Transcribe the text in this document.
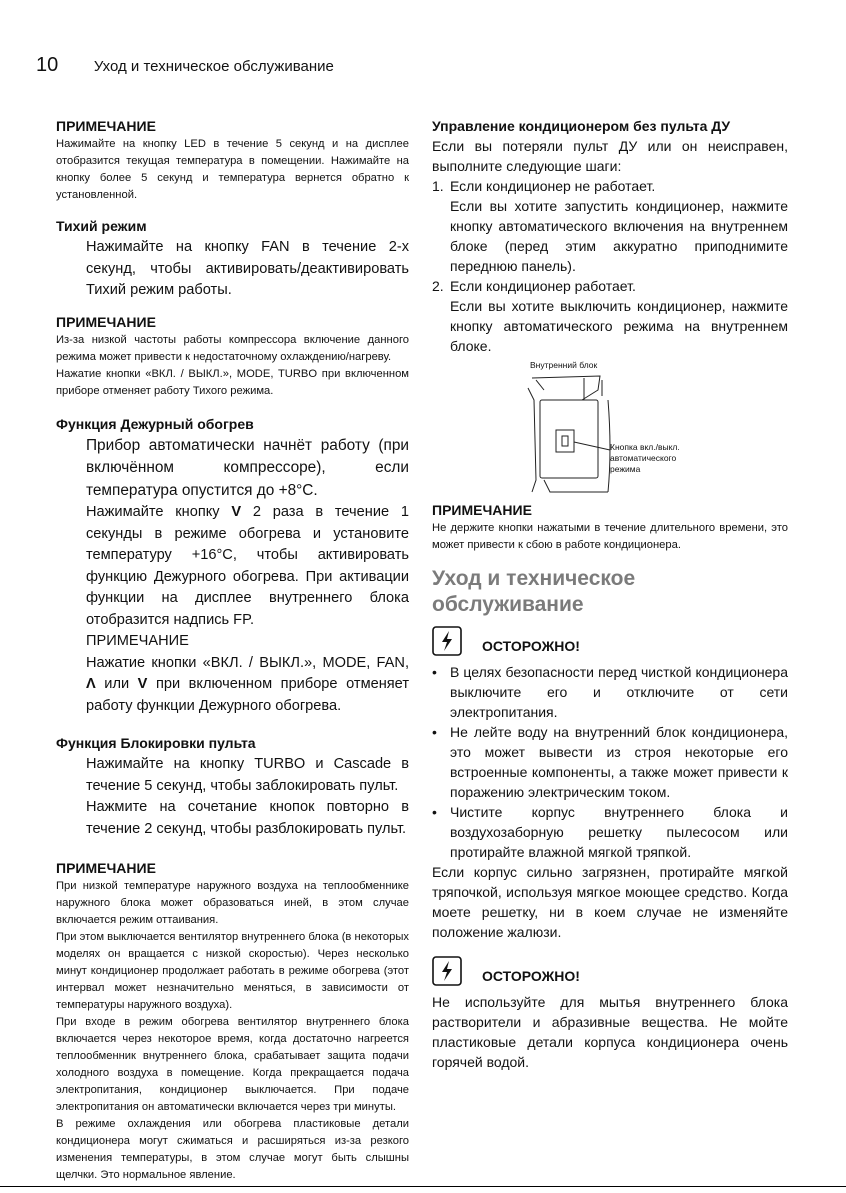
10 Уход и техническое обслуживание
ПРИМЕЧАНИЕ

Нажимайте на кнопку LED в течение 5 секунд и на дисплее отобразится текущая температура в помещении. Нажимайте на кнопку более 5 секунд и температура вернется обратно к установленной.

Тихий режим

Нажимайте на кнопку FAN в течение 2-х секунд, чтобы активировать/деактивировать Тихий режим работы.

ПРИМЕЧАНИЕ

Из-за низкой частоты работы компрессора включение данного режима может привести к недостаточному охлаждению/нагреву.

Нажатие кнопки «ВКЛ. / ВЫКЛ.», MODE, TURBO при включенном приборе отменяет работу Тихого режима.

Функция Дежурный обогрев

Прибор автоматически начнёт работу (при включённом компрессоре), если температура опустится до +8°С.

Нажимайте кнопку V 2 раза в течение 1 секунды в режиме обогрева и установите температуру +16°С, чтобы активировать функцию Дежурного обогрева. При активации функции на дисплее внутреннего блока отобразится надпись FP.

ПРИМЕЧАНИЕ

Нажатие кнопки «ВКЛ. / ВЫКЛ.», MODE, FAN, Λ или V при включенном приборе отменяет работу функции Дежурного обогрева.

Функция Блокировки пульта

Нажимайте на кнопку TURBO и Cascade в течение 5 секунд, чтобы заблокировать пульт.

Нажмите на сочетание кнопок повторно в течение 2 секунд, чтобы разблокировать пульт.

ПРИМЕЧАНИЕ

При низкой температуре наружного воздуха на теплообменнике наружного блока может образоваться иней, в этом случае включается режим оттаивания.

При этом выключается вентилятор внутреннего блока (в некоторых моделях он вращается с низкой скоростью). Через несколько минут кондиционер продолжает работать в режиме обогрева (этот интервал может незначительно меняться, в зависимости от температуры наружного воздуха).

При входе в режим обогрева вентилятор внутреннего блока включается через некоторое время, когда достаточно нагреется теплообменник внутреннего блока, срабатывает защита подачи холодного воздуха в помещение. Когда прекращается подача электропитания, кондиционер выключается. При подаче электропитания он автоматически включается через три минуты.

В режиме охлаждения или обогрева пластиковые детали кондиционера могут сжиматься и расширяться из-за резкого изменения температуры, в этом случае могут быть слышны щелчки. Это нормальное явление.

Управление кондиционером без пульта ДУ

Если вы потеряли пульт ДУ или он неисправен, выполните следующие шаги:

1. Если кондиционер не работает.

Если вы хотите запустить кондиционер, нажмите кнопку автоматического включения на внутреннем блоке (перед этим аккуратно приподнимите переднюю панель).

2. Если кондиционер работает.

Если вы хотите выключить кондиционер, нажмите кнопку автоматического режима на внутреннем блоке.

Внутренний блок
Кнопка вкл./выкл. автоматического режима
ПРИМЕЧАНИЕ

Не держите кнопки нажатыми в течение длительного времени, это может привести к сбою в работе кондиционера.

Уход и техническое обслуживание
ОСТОРОЖНО!
• В целях безопасности перед чисткой кондиционера выключите его и отключите от сети электропитания.
• Не лейте воду на внутренний блок кондиционера, это может вывести из строя некоторые его встроенные компоненты, а также может привести к поражению электрическим током.
• Чистите корпус внутреннего блока и воздухозаборную решетку пылесосом или протирайте влажной мягкой тряпкой.

Если корпус сильно загрязнен, протирайте мягкой тряпочкой, используя мягкое моющее средство. Когда моете решетку, ни в коем случае не изменяйте положение жалюзи.

ОСТОРОЖНО!

Не используйте для мытья внутреннего блока растворители и абразивные вещества. Не мойте пластиковые детали корпуса кондиционера очень горячей водой.
